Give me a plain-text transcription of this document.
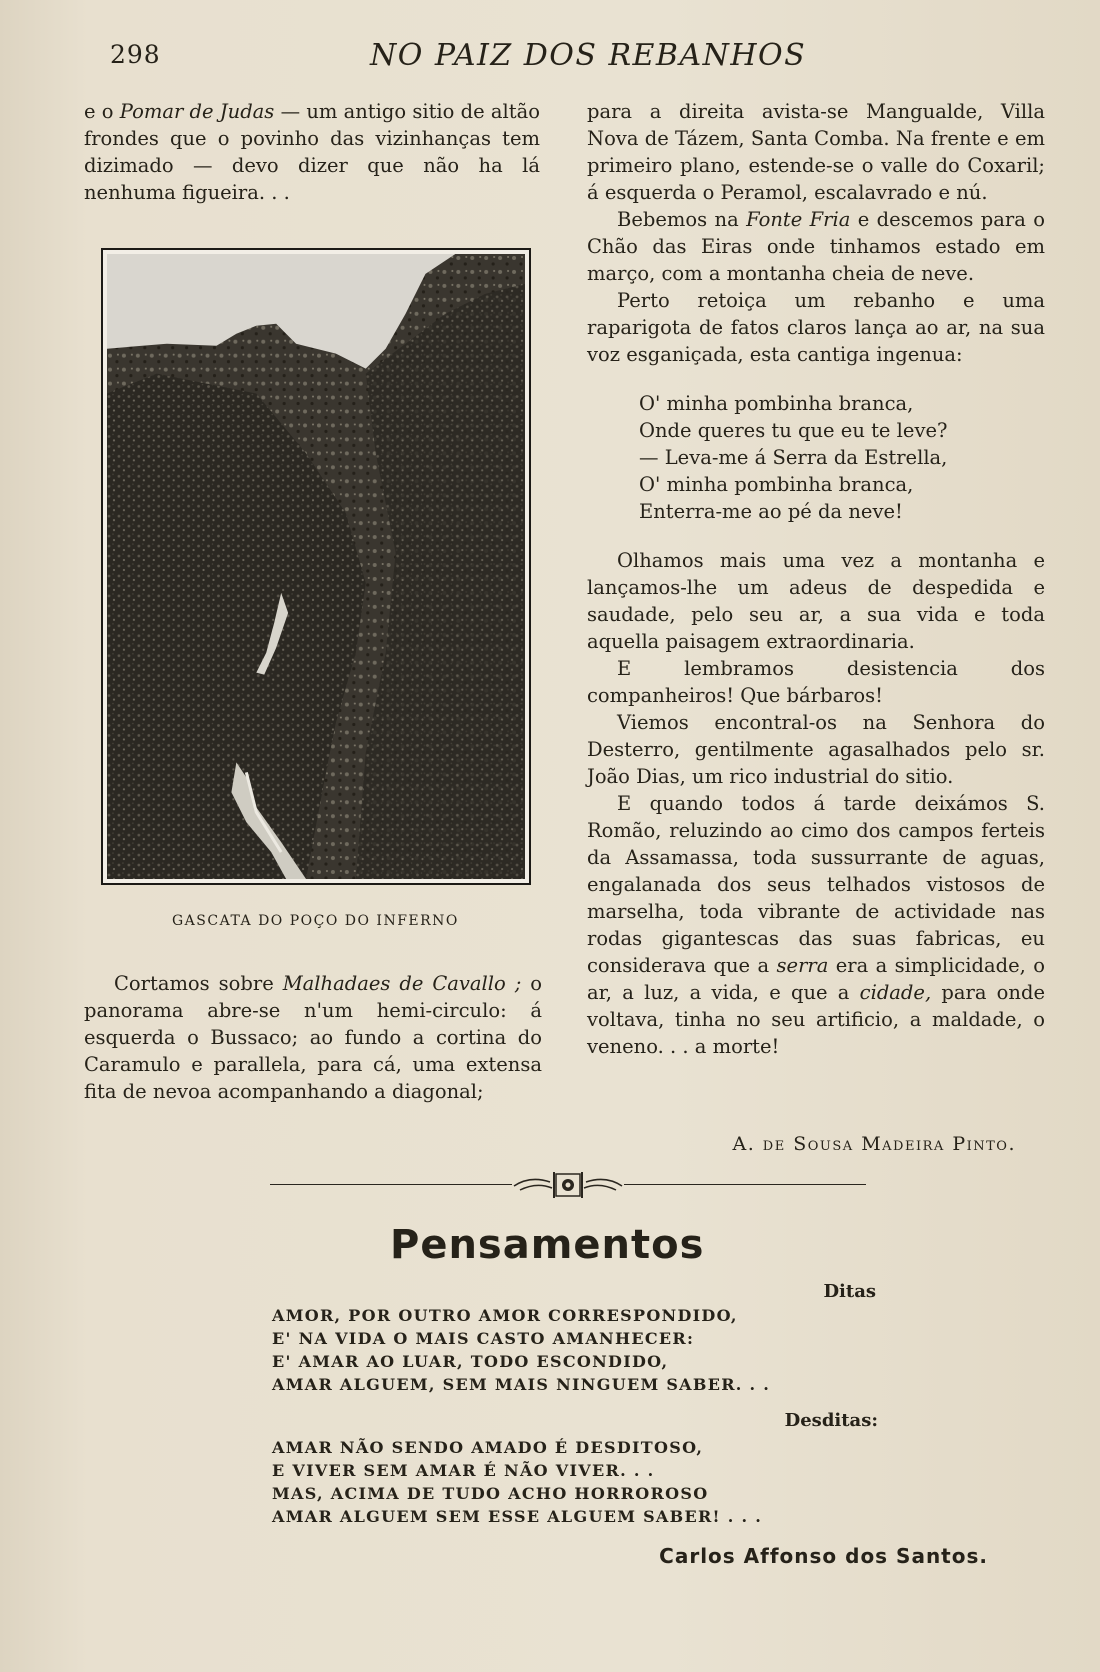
298	NO PAIZ DOS REBANHOS

e o Pomar de Judas — um antigo sitio de altão frondes que o povinho das vizinhanças tem dizimado — devo dizer que não ha lá nenhuma figueira. . .

GASCATA DO POÇO DO INFERNO

Cortamos sobre Malhadaes de Cavallo ; o panorama abre-se n'um hemi-circulo: á esquerda o Bussaco; ao fundo a cortina do Caramulo e parallela, para cá, uma extensa fita de nevoa acompanhando a diagonal;

para a direita avista-se Mangualde, Villa Nova de Tázem, Santa Comba. Na frente e em primeiro plano, estende-se o valle do Coxaril; á esquerda o Peramol, escalavrado e nú.

Bebemos na Fonte Fria e descemos para o Chão das Eiras onde tinhamos estado em março, com a montanha cheia de neve.

Perto retoiça um rebanho e uma raparigota de fatos claros lança ao ar, na sua voz esganiçada, esta cantiga ingenua:

O' minha pombinha branca,
Onde queres tu que eu te leve?
— Leva-me á Serra da Estrella,
O' minha pombinha branca,
Enterra-me ao pé da neve!

Olhamos mais uma vez a montanha e lançamos-lhe um adeus de despedida e saudade, pelo seu ar, a sua vida e toda aquella paisagem extraordinaria.

E lembramos desistencia dos companheiros! Que bárbaros!

Viemos encontral-os na Senhora do Desterro, gentilmente agasalhados pelo sr. João Dias, um rico industrial do sitio.

E quando todos á tarde deixámos S. Romão, reluzindo ao cimo dos campos ferteis da Assamassa, toda sussurrante de aguas, engalanada dos seus telhados vistosos de marselha, toda vibrante de actividade nas rodas gigantescas das suas fabricas, eu considerava que a serra era a simplicidade, o ar, a luz, a vida, e que a cidade, para onde voltava, tinha no seu artificio, a maldade, o veneno. . . a morte!

A. de Sousa Madeira Pinto.
Pensamentos
Ditas
AMOR, POR OUTRO AMOR CORRESPONDIDO,
E' NA VIDA O MAIS CASTO AMANHECER:
E' AMAR AO LUAR, TODO ESCONDIDO,
AMAR ALGUEM, SEM MAIS NINGUEM SABER. . .
Desditas:
AMAR NÃO SENDO AMADO É DESDITOSO,
E VIVER SEM AMAR É NÃO VIVER. . .
MAS, ACIMA DE TUDO ACHO HORROROSO
AMAR ALGUEM SEM ESSE ALGUEM SABER! . . .
Carlos Affonso dos Santos.
